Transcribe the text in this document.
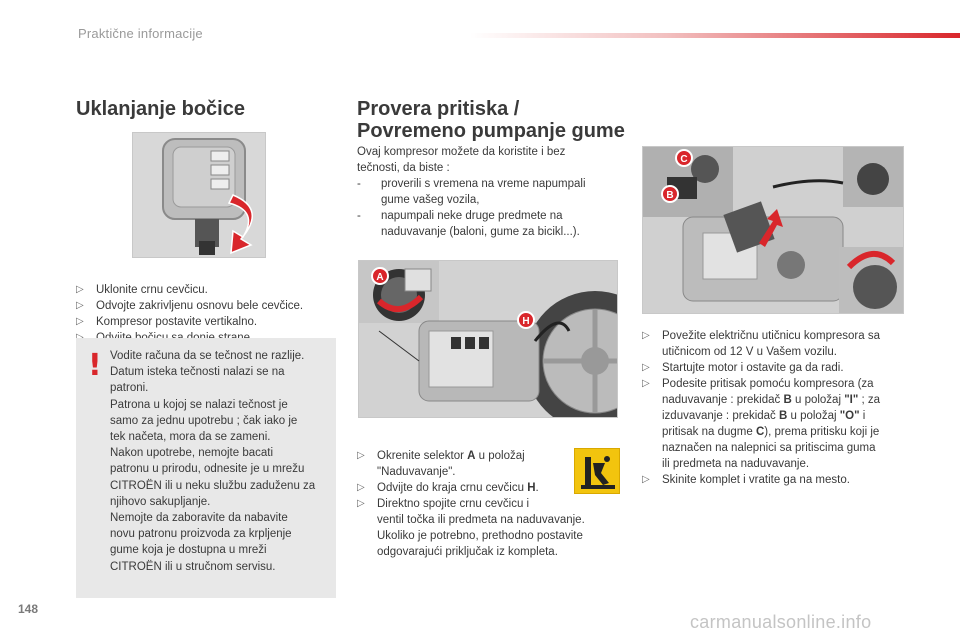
Praktične informacije
Uklanjanje bočice
▷ Uklonite crnu cevčicu.
▷ Odvojte zakrivljenu osnovu bele cevčice.
▷ Kompresor postavite vertikalno.
! Vodite računa da se tečnost ne razlije.
Datum isteka tečnosti nalazi se na
patroni.
Patrona u kojoj se nalazi tečnost je
samo za jednu upotrebu ; čak iako je
tek načeta, mora da se zameni.
Nakon upotrebe, nemojte bacati
patronu u prirodu, odnesite je u mrežu
CITROËN ili u neku službu zaduženu za
njihovo sakupljanje.
Nemojte da zaboravite da nabavite
novu patronu proizvoda za krpljenje
gume koja je dostupna u mreži
CITROËN ili u stručnom servisu.
Provera pritiska /
Povremeno pumpanje gume
Ovaj kompresor možete da koristite i bez
tečnosti, da biste :
- proverili s vremena na vreme napumpali
gume vašeg vozila,
- napumpali neke druge predmete na
naduvavanje (baloni, gume za bicikl...).
A
H
▷ Okrenite selektor A u položaj
"Naduvavanje".
▷ Odvijte do kraja crnu cevčicu H.
▷ Direktno spojite crnu cevčicu i
ventil točka ili predmeta na naduvavanje.
Ukoliko je potrebno, prethodno postavite
odgovarajući priključak iz kompleta.
C
B
▷ Povežite električnu utičnicu kompresora sa
utičnicom od 12 V u Vašem vozilu.
▷ Startujte motor i ostavite ga da radi.
▷ Podesite pritisak pomoću kompresora (za
naduvavanje : prekidač B u položaj "I" ; za
izduvavanje : prekidač B u položaj "O" i
pritisak na dugme C), prema pritisku koji je
naznačen na nalepnici sa pritiscima guma
ili predmeta na naduvavanje.
▷ Skinite komplet i vratite ga na mesto.
148
carmanualsonline.info
